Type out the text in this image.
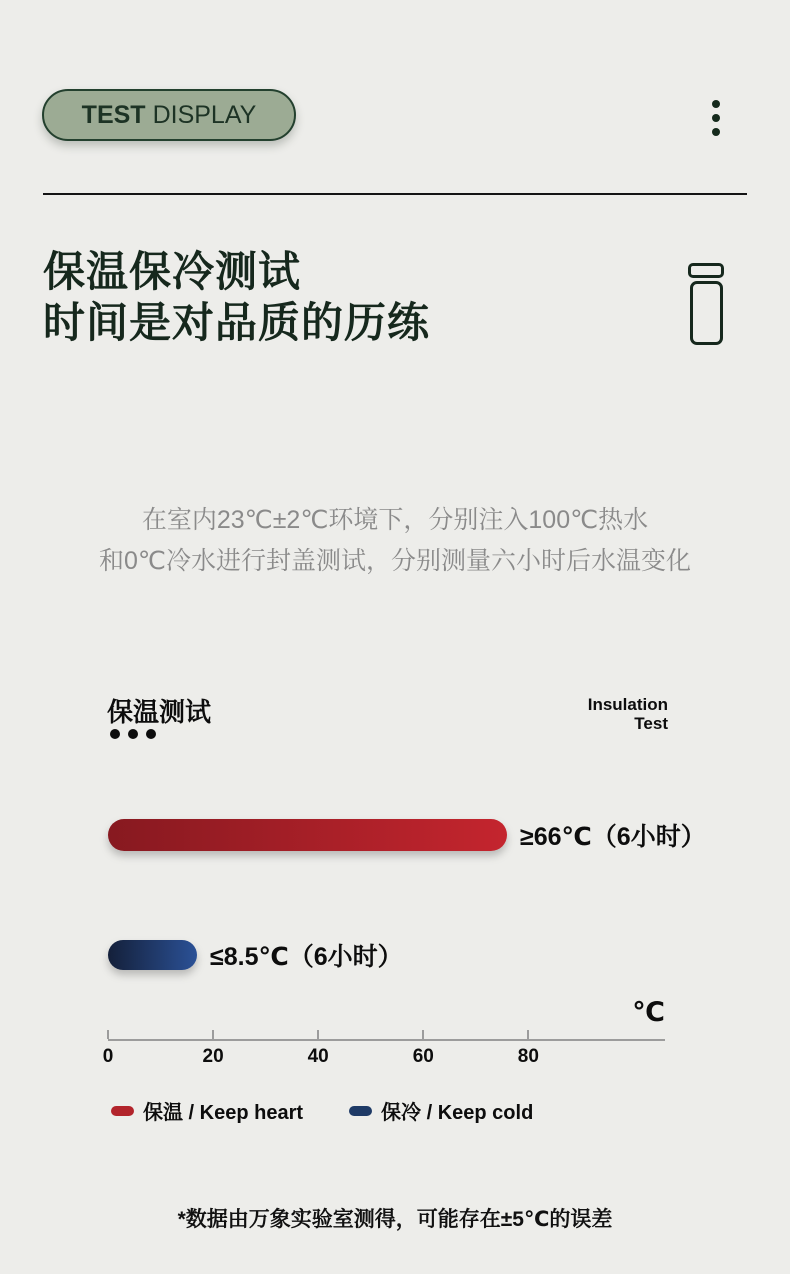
TEST DISPLAY
保温保冷测试
时间是对品质的历练
在室内23℃±2℃环境下，分别注入100℃热水
和0℃冷水进行封盖测试，分别测量六小时后水温变化
保温测试	Insulation
Test
≥66℃（6小时）
≤8.5℃（6小时）
℃
0	20	40	60	80
保温 / Keep heart	保冷 / Keep cold
*数据由万象实验室测得，可能存在±5℃的误差
